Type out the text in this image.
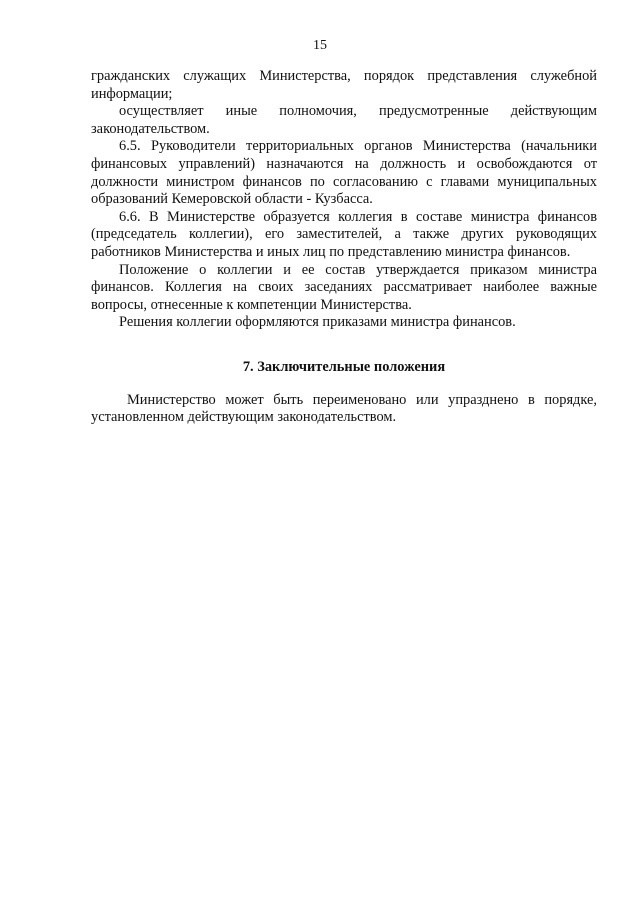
15

гражданских служащих Министерства, порядок представления служебной информации;

осуществляет иные полномочия, предусмотренные действующим законодательством.

6.5. Руководители территориальных органов Министерства (начальники финансовых управлений) назначаются на должность и освобождаются от должности министром финансов по согласованию с главами муниципальных образований Кемеровской области - Кузбасса.

6.6. В Министерстве образуется коллегия в составе министра финансов (председатель коллегии), его заместителей, а также других руководящих работников Министерства и иных лиц по представлению министра финансов.

Положение о коллегии и ее состав утверждается приказом министра финансов. Коллегия на своих заседаниях рассматривает наиболее важные вопросы, отнесенные к компетенции Министерства.

Решения коллегии оформляются приказами министра финансов.

7. Заключительные положения

Министерство может быть переименовано или упразднено в порядке, установленном действующим законодательством.
